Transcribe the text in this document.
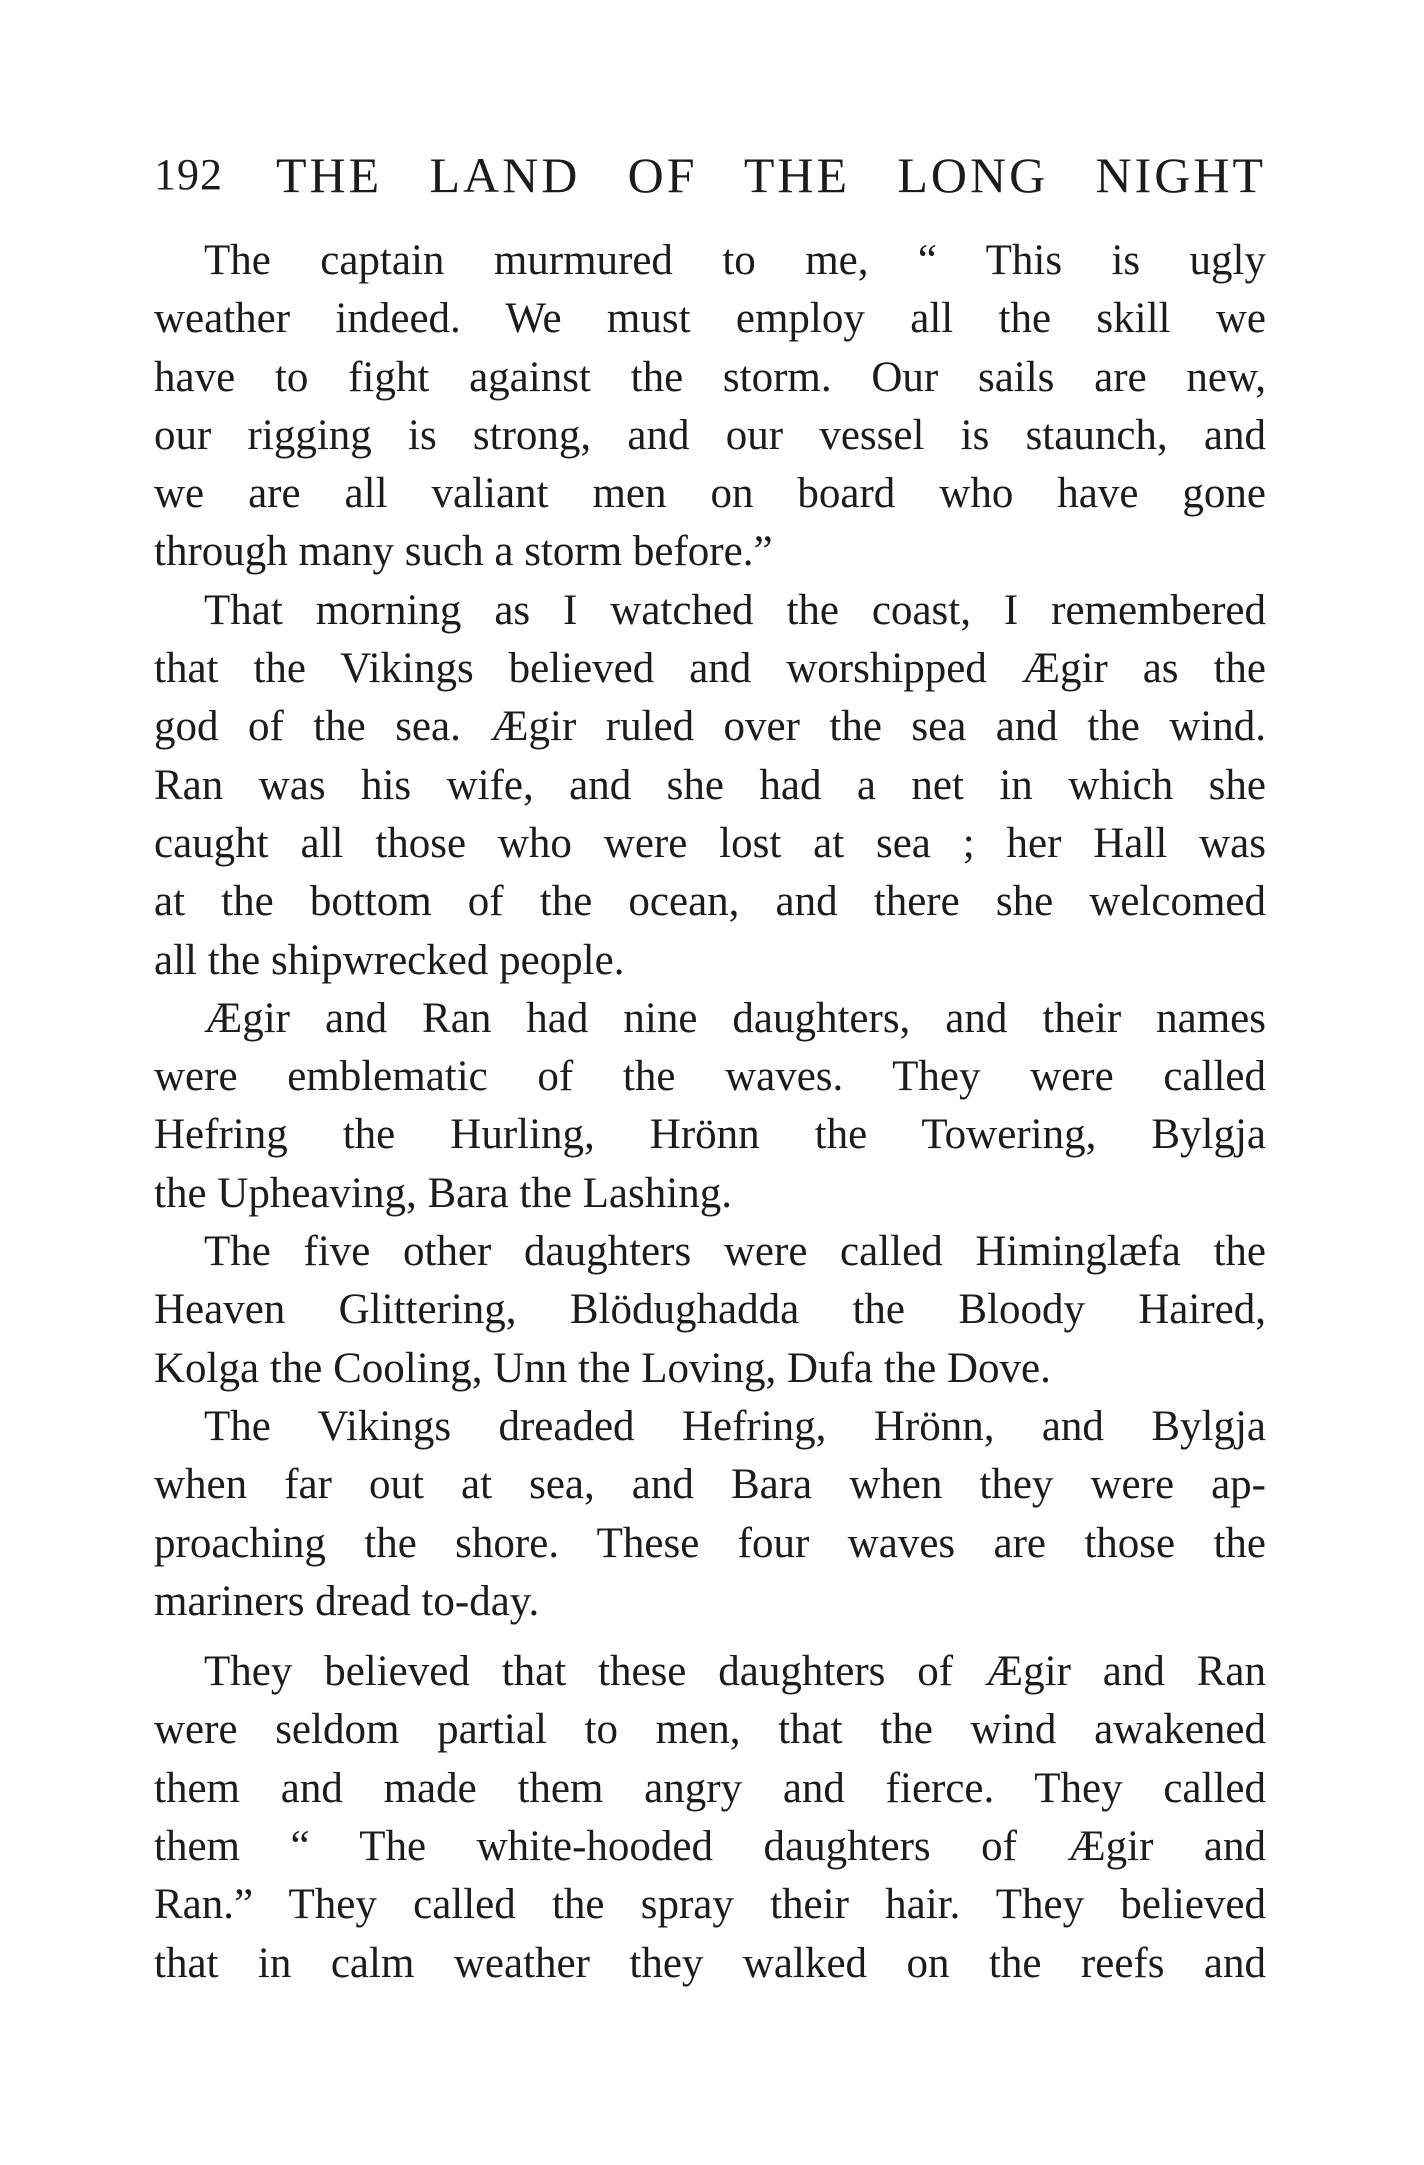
192 THE LAND OF THE LONG NIGHT
The captain murmured to me, “ This is ugly
weather indeed. We must employ all the skill we
have to fight against the storm. Our sails are new,
our rigging is strong, and our vessel is staunch, and
we are all valiant men on board who have gone
through many such a storm before.”
That morning as I watched the coast, I remembered
that the Vikings believed and worshipped Ægir as the
god of the sea. Ægir ruled over the sea and the wind.
Ran was his wife, and she had a net in which she
caught all those who were lost at sea ; her Hall was
at the bottom of the ocean, and there she welcomed
all the shipwrecked people.
Ægir and Ran had nine daughters, and their names
were emblematic of the waves. They were called
Hefring the Hurling, Hrönn the Towering, Bylgja
the Upheaving, Bara the Lashing.
The five other daughters were called Himinglæfa the
Heaven Glittering, Blödughadda the Bloody Haired,
Kolga the Cooling, Unn the Loving, Dufa the Dove.
The Vikings dreaded Hefring, Hrönn, and Bylgja
when far out at sea, and Bara when they were ap-
proaching the shore. These four waves are those the
mariners dread to-day.
They believed that these daughters of Ægir and Ran
were seldom partial to men, that the wind awakened
them and made them angry and fierce. They called
them “ The white-hooded daughters of Ægir and
Ran.” They called the spray their hair. They believed
that in calm weather they walked on the reefs and
